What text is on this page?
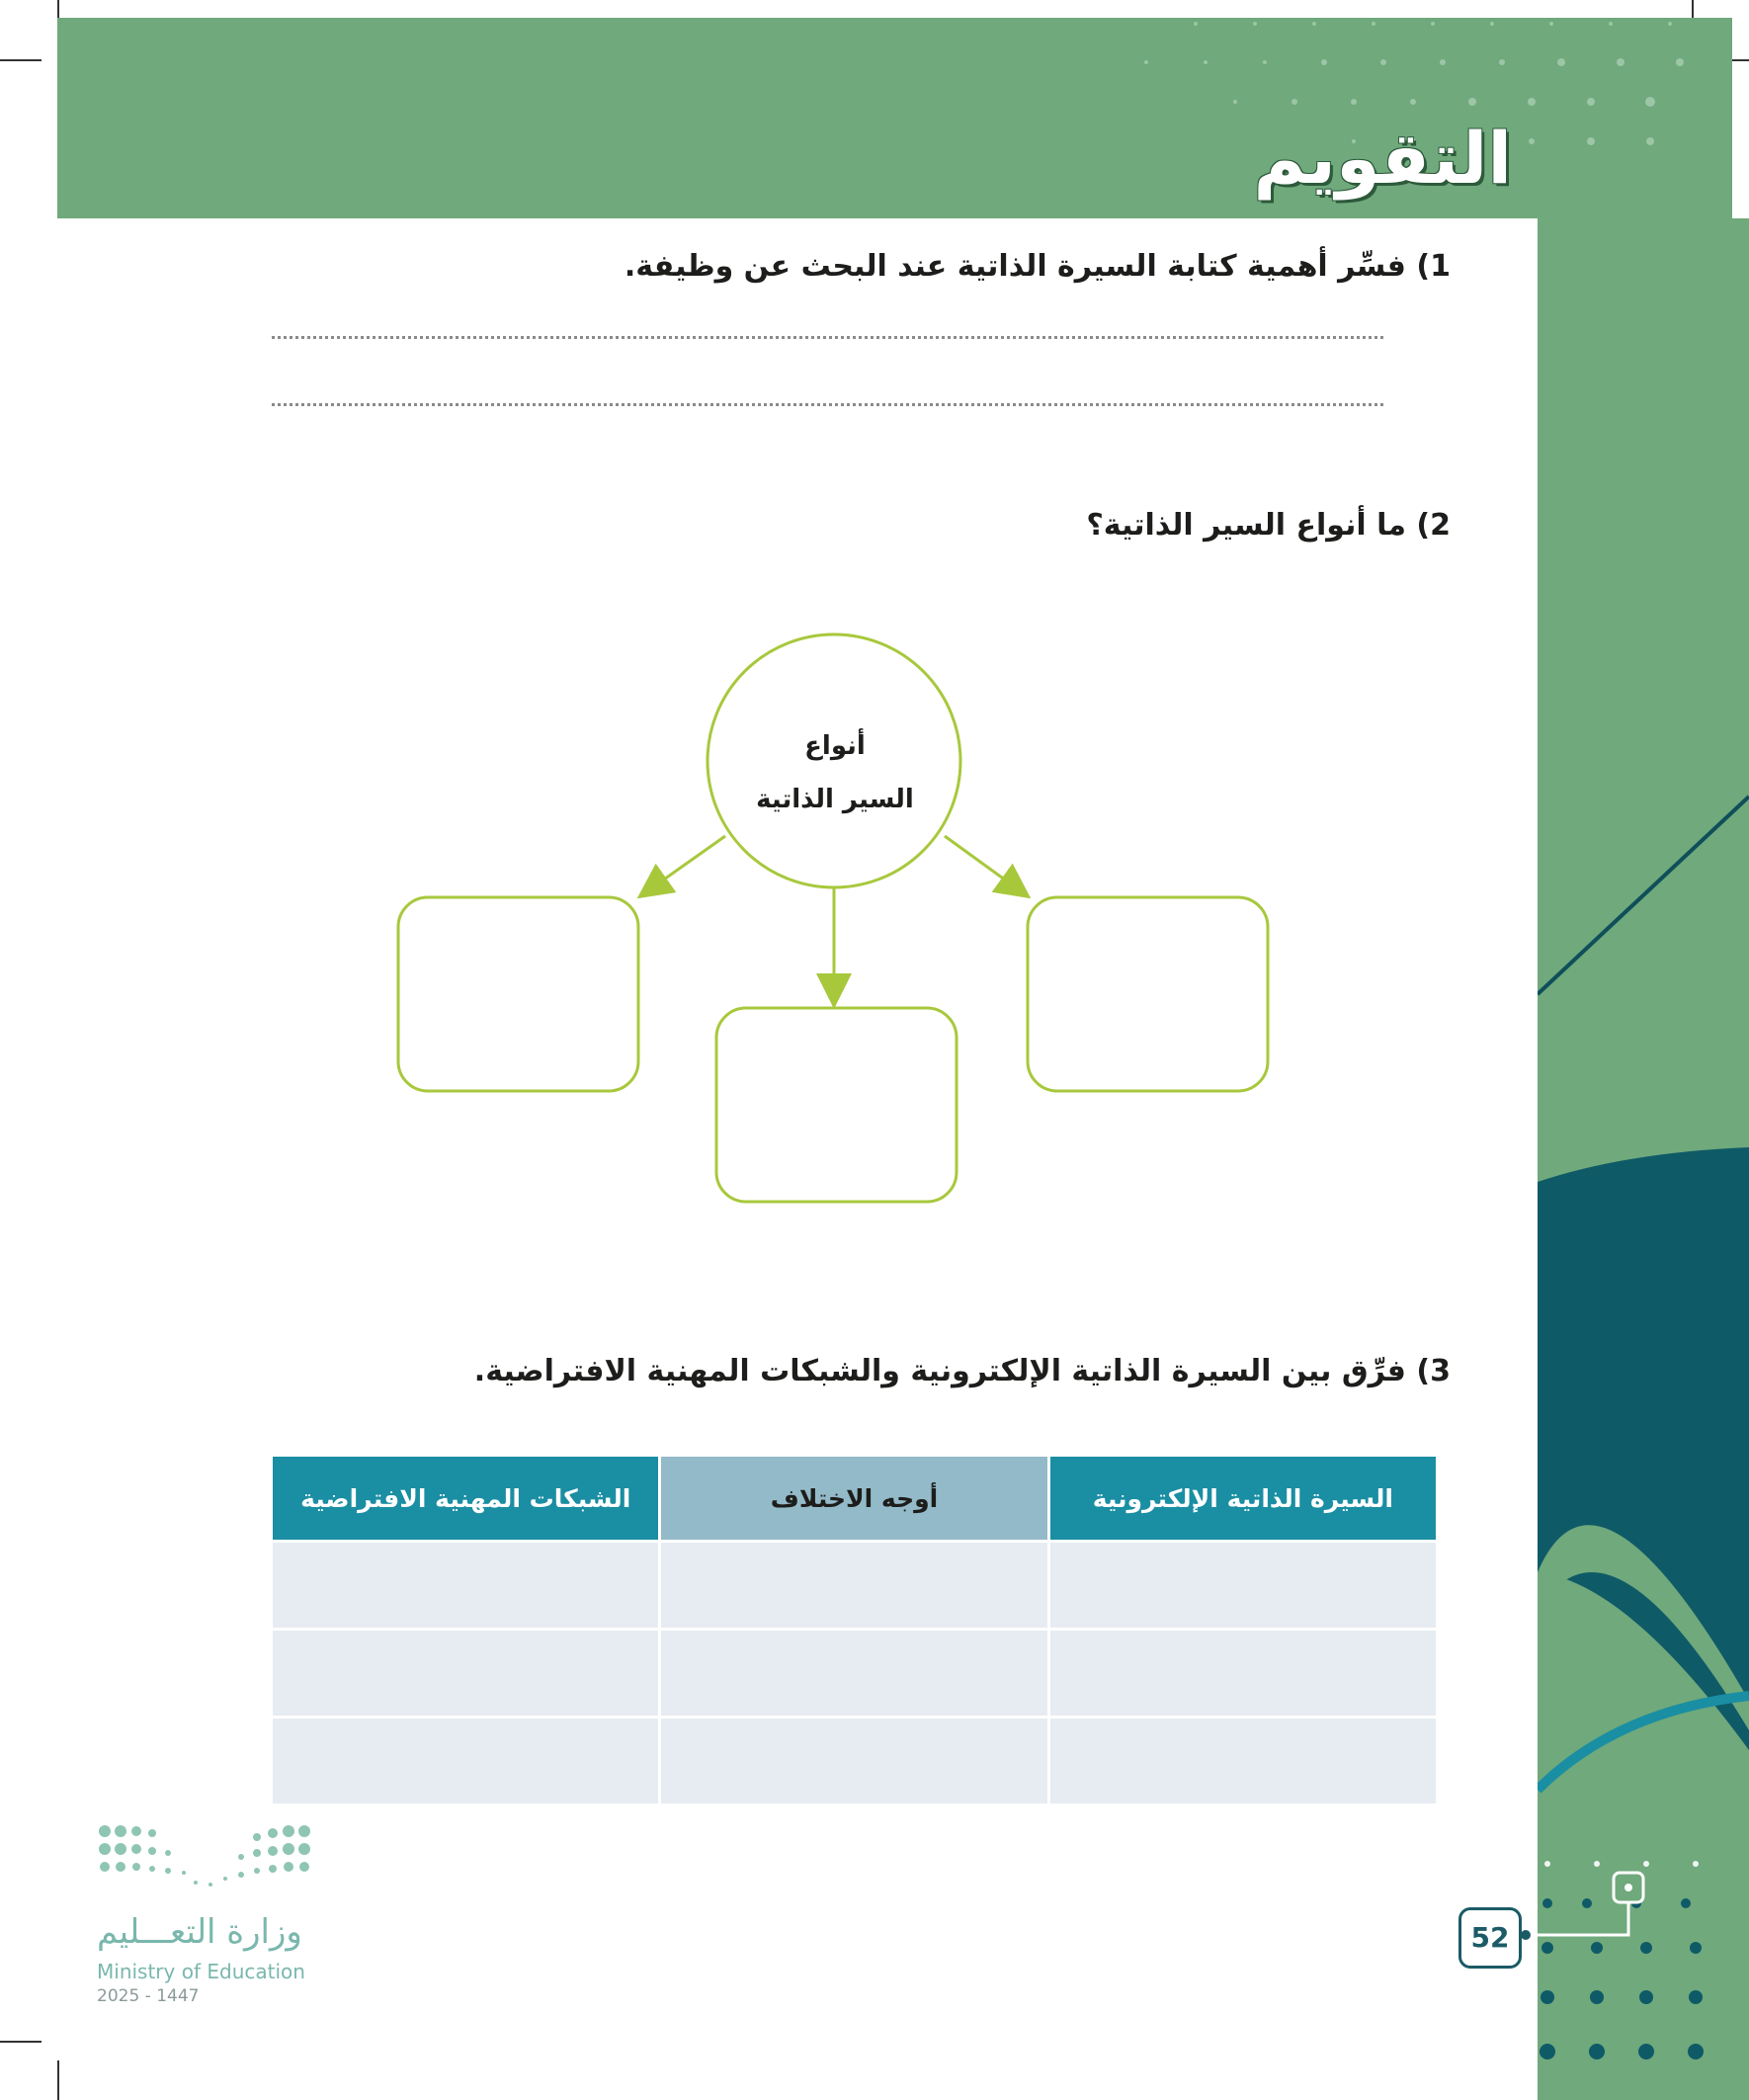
التقويم
1) فسِّر أهمية كتابة السيرة الذاتية عند البحث عن وظيفة.
2) ما أنواع السير الذاتية؟
أنواع
السير الذاتية
3) فرِّق بين السيرة الذاتية الإلكترونية والشبكات المهنية الافتراضية.
السيرة الذاتية الإلكترونية	أوجه الاختلاف	الشبكات المهنية الافتراضية

وزارة التعـــليم
Ministry of Education
2025 - 1447
52
